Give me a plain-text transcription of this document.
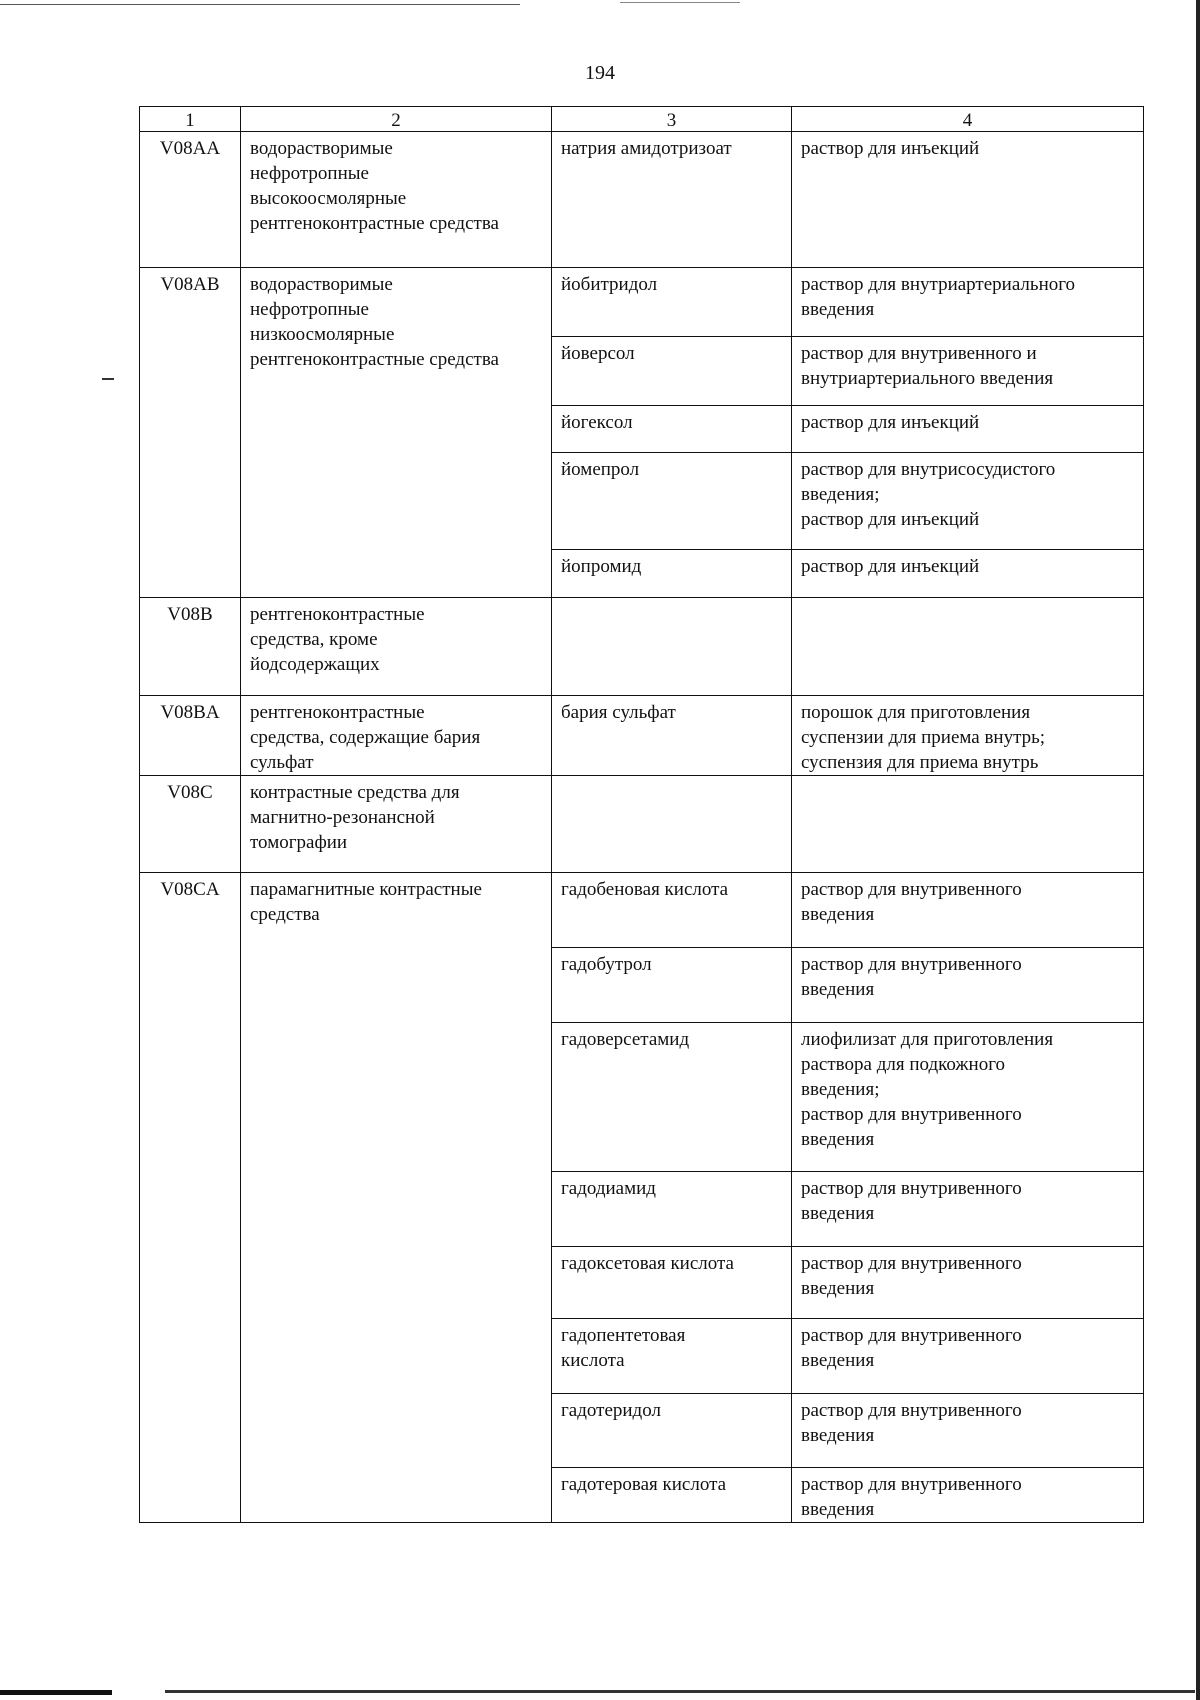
194
1	2	3	4
V08AA	водорастворимые
нефротропные
высокоосмолярные
рентгеноконтрастные средства	натрия амидотризоат	раствор для инъекций
V08AB	водорастворимые
нефротропные
низкоосмолярные
рентгеноконтрастные средства	йобитридол	раствор для внутриартериального
введения
		йоверсол	раствор для внутривенного и
внутриартериального введения
		йогексол	раствор для инъекций
		йомепрол	раствор для внутрисосудистого
введения;
раствор для инъекций
		йопромид	раствор для инъекций
V08B	рентгеноконтрастные
средства, кроме
йодсодержащих		
V08BA	рентгеноконтрастные
средства, содержащие бария
сульфат	бария сульфат	порошок для приготовления
суспензии для приема внутрь;
суспензия для приема внутрь
V08C	контрастные средства для
магнитно-резонансной
томографии		
V08CA	парамагнитные контрастные
средства	гадобеновая кислота	раствор для внутривенного
введения
		гадобутрол	раствор для внутривенного
введения
		гадоверсетамид	лиофилизат для приготовления
раствора для подкожного
введения;
раствор для внутривенного
введения
		гадодиамид	раствор для внутривенного
введения
		гадоксетовая кислота	раствор для внутривенного
введения
		гадопентетовая
кислота	раствор для внутривенного
введения
		гадотеридол	раствор для внутривенного
введения
		гадотеровая кислота	раствор для внутривенного
введения
